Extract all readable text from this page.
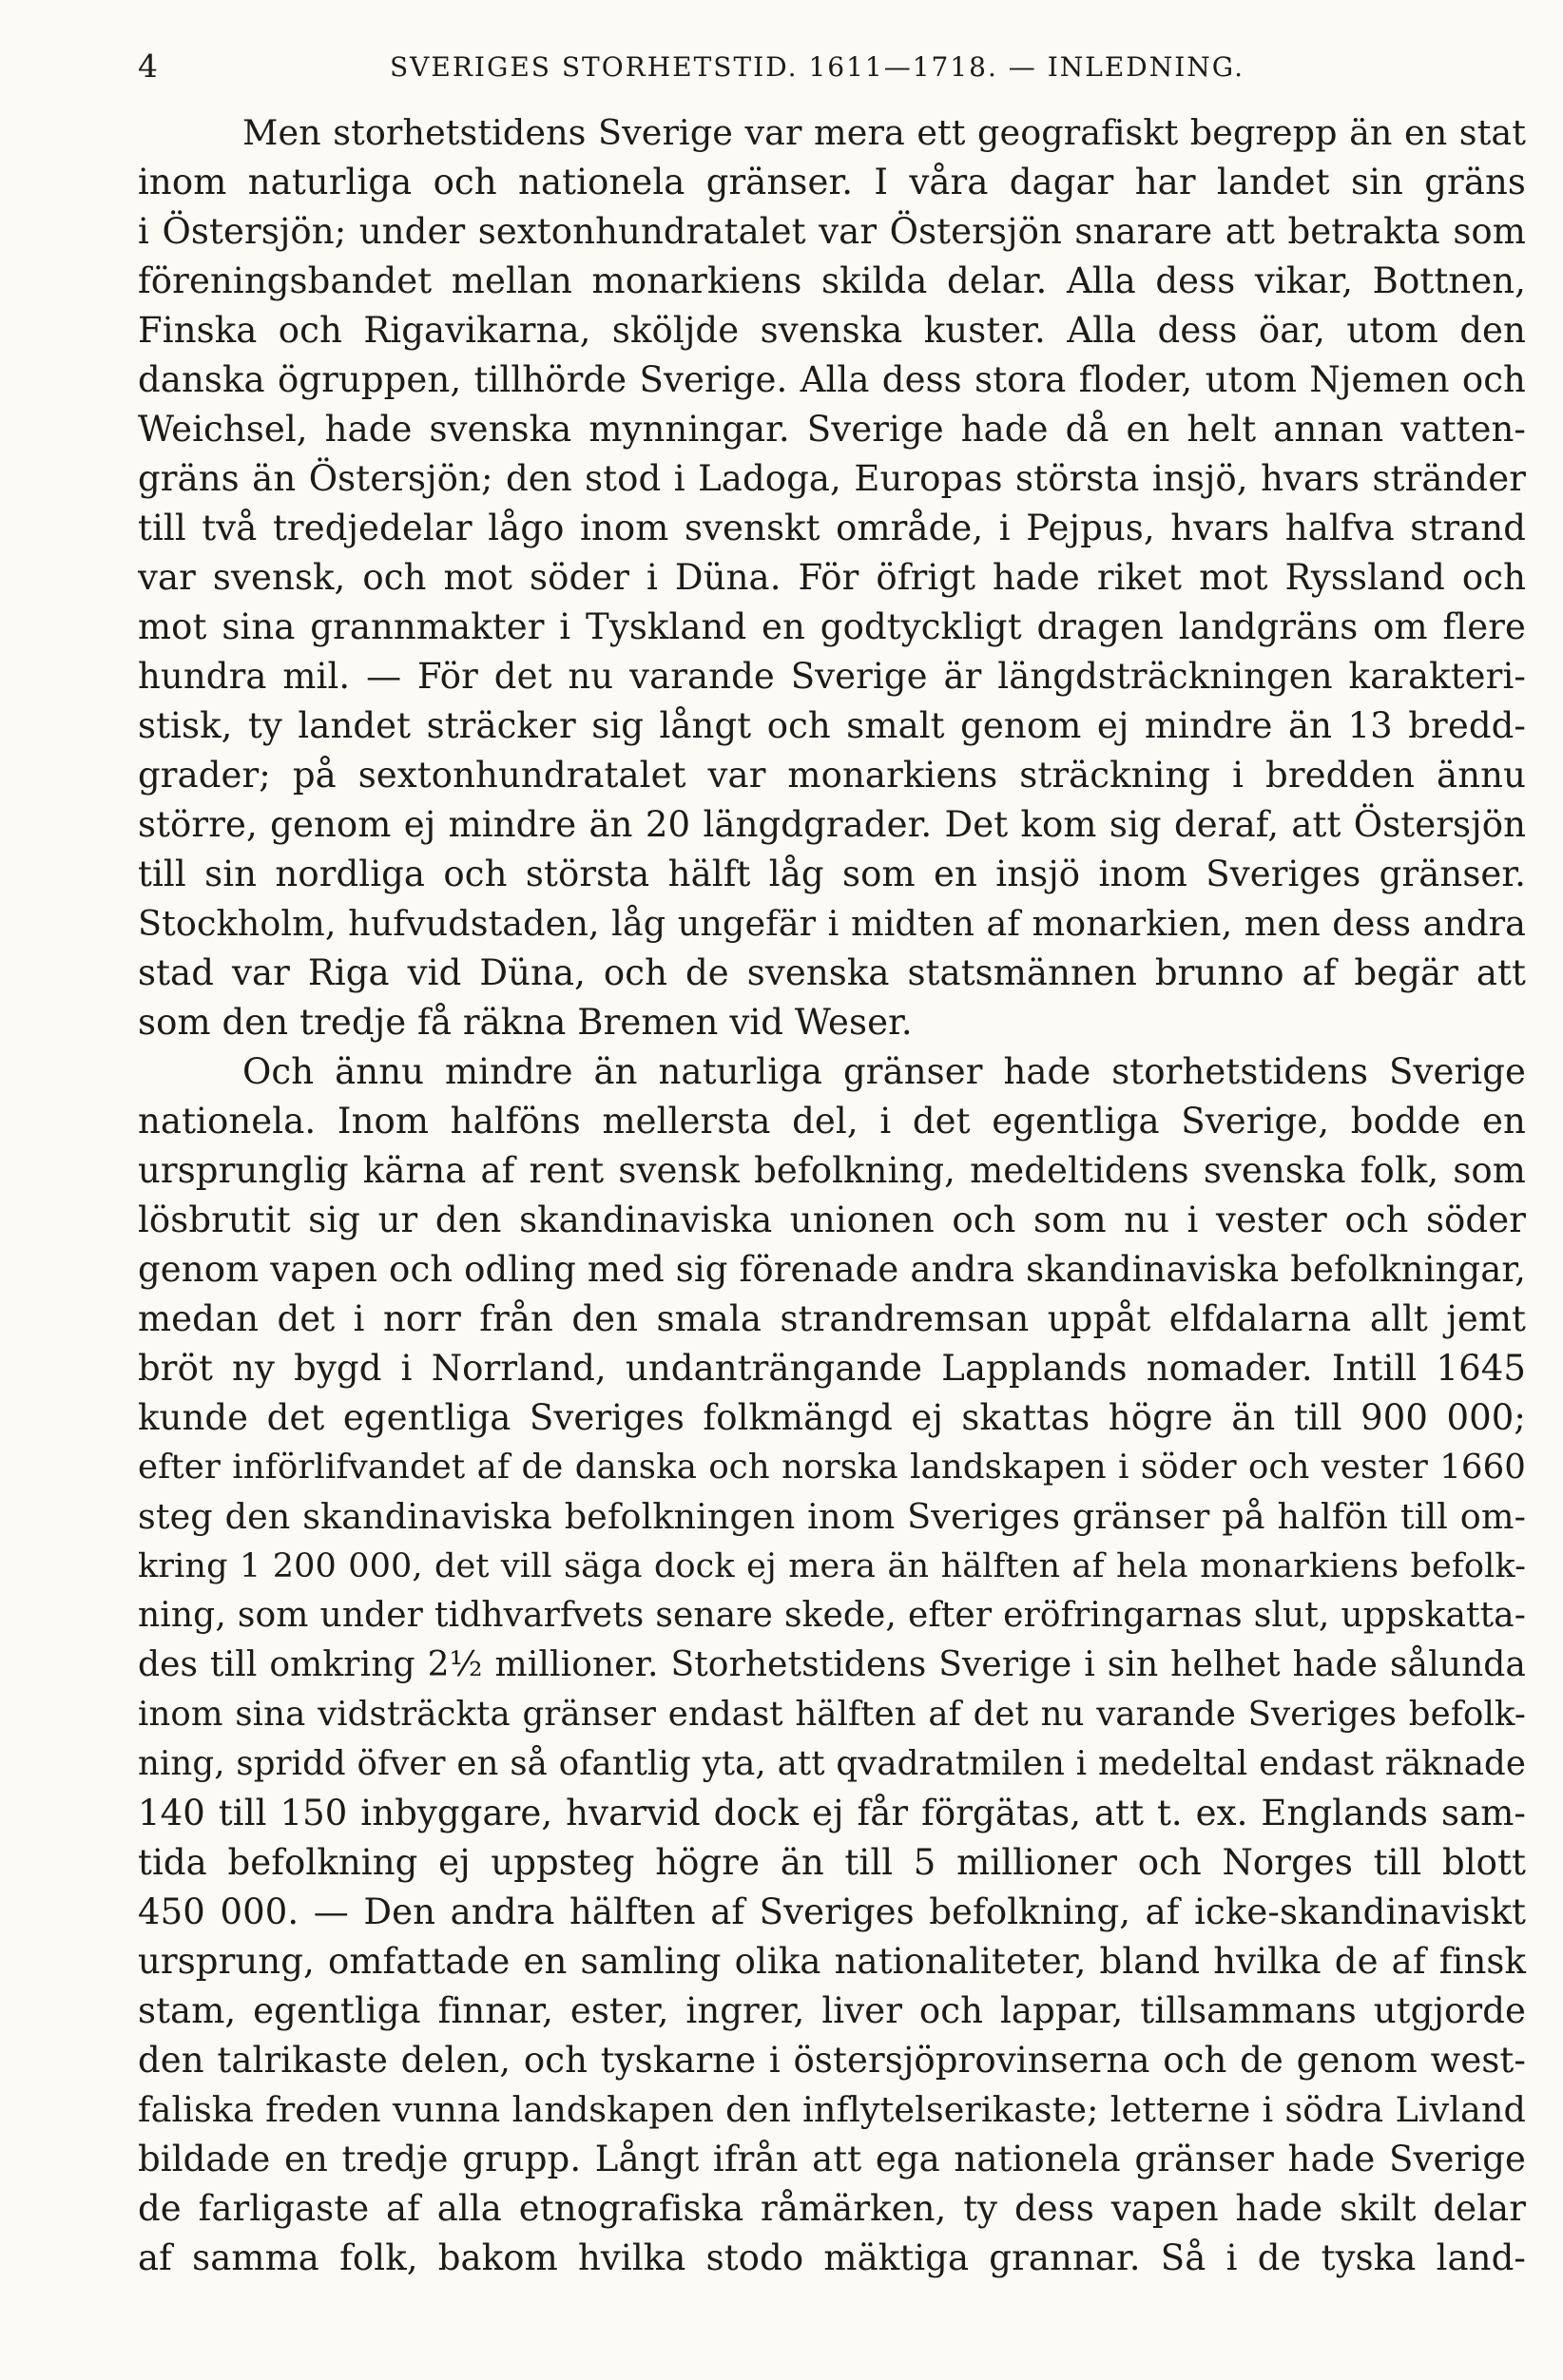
4	SVERIGES STORHETSTID. 1611—1718. — INLEDNING.
Men storhetstidens Sverige var mera ett geografiskt begrepp än en stat
inom naturliga och nationela gränser. I våra dagar har landet sin gräns
i Östersjön; under sextonhundratalet var Östersjön snarare att betrakta som
föreningsbandet mellan monarkiens skilda delar. Alla dess vikar, Bottnen,
Finska och Rigavikarna, sköljde svenska kuster. Alla dess öar, utom den
danska ögruppen, tillhörde Sverige. Alla dess stora floder, utom Njemen och
Weichsel, hade svenska mynningar. Sverige hade då en helt annan vatten-
gräns än Östersjön; den stod i Ladoga, Europas största insjö, hvars stränder
till två tredjedelar lågo inom svenskt område, i Pejpus, hvars halfva strand
var svensk, och mot söder i Düna. För öfrigt hade riket mot Ryssland och
mot sina grannmakter i Tyskland en godtyckligt dragen landgräns om flere
hundra mil. — För det nu varande Sverige är längdsträckningen karakteri-
stisk, ty landet sträcker sig långt och smalt genom ej mindre än 13 bredd-
grader; på sextonhundratalet var monarkiens sträckning i bredden ännu
större, genom ej mindre än 20 längdgrader. Det kom sig deraf, att Östersjön
till sin nordliga och största hälft låg som en insjö inom Sveriges gränser.
Stockholm, hufvudstaden, låg ungefär i midten af monarkien, men dess andra
stad var Riga vid Düna, och de svenska statsmännen brunno af begär att
som den tredje få räkna Bremen vid Weser.
Och ännu mindre än naturliga gränser hade storhetstidens Sverige
nationela. Inom halföns mellersta del, i det egentliga Sverige, bodde en
ursprunglig kärna af rent svensk befolkning, medeltidens svenska folk, som
lösbrutit sig ur den skandinaviska unionen och som nu i vester och söder
genom vapen och odling med sig förenade andra skandinaviska befolkningar,
medan det i norr från den smala strandremsan uppåt elfdalarna allt jemt
bröt ny bygd i Norrland, undanträngande Lapplands nomader. Intill 1645
kunde det egentliga Sveriges folkmängd ej skattas högre än till 900 000;
efter införlifvandet af de danska och norska landskapen i söder och vester 1660
steg den skandinaviska befolkningen inom Sveriges gränser på halfön till om-
kring 1 200 000, det vill säga dock ej mera än hälften af hela monarkiens befolk-
ning, som under tidhvarfvets senare skede, efter eröfringarnas slut, uppskatta-
des till omkring 2½ millioner. Storhetstidens Sverige i sin helhet hade sålunda
inom sina vidsträckta gränser endast hälften af det nu varande Sveriges befolk-
ning, spridd öfver en så ofantlig yta, att qvadratmilen i medeltal endast räknade
140 till 150 inbyggare, hvarvid dock ej får förgätas, att t. ex. Englands sam-
tida befolkning ej uppsteg högre än till 5 millioner och Norges till blott
450 000. — Den andra hälften af Sveriges befolkning, af icke-skandinaviskt
ursprung, omfattade en samling olika nationaliteter, bland hvilka de af finsk
stam, egentliga finnar, ester, ingrer, liver och lappar, tillsammans utgjorde
den talrikaste delen, och tyskarne i östersjöprovinserna och de genom west-
faliska freden vunna landskapen den inflytelserikaste; letterne i södra Livland
bildade en tredje grupp. Långt ifrån att ega nationela gränser hade Sverige
de farligaste af alla etnografiska råmärken, ty dess vapen hade skilt delar
af samma folk, bakom hvilka stodo mäktiga grannar. Så i de tyska land-
